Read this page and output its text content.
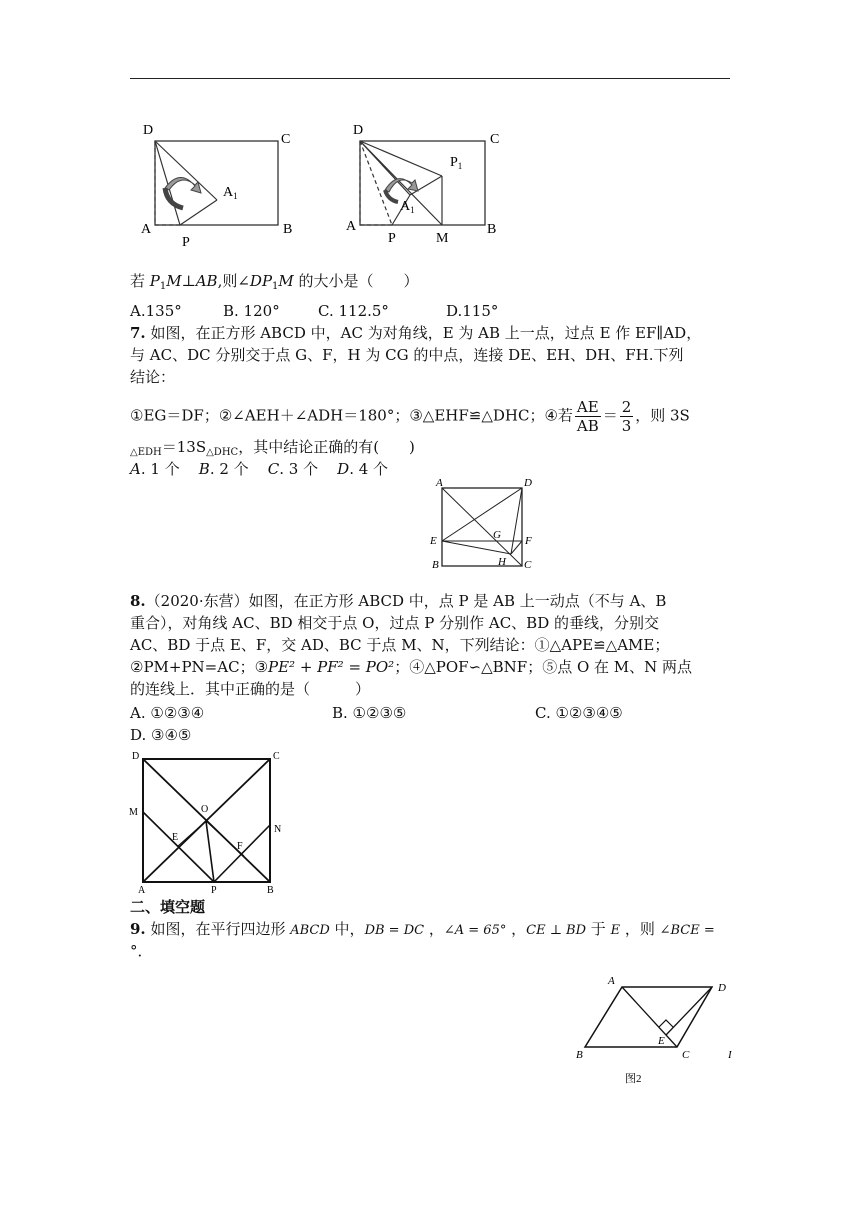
D
C
A	B
P
$A_1$
D
C
A	B
P	M
$P_1$
$A_1$
若 $P_1M\perp AB$,则$\angle DP_1M$ 的大小是（　　）
A.135°	B. 120°	C. 112.5°	D.115°
7. 如图，在正方形 ABCD 中，AC 为对角线，E 为 AB 上一点，过点 E 作 EF∥AD，
与 AC、DC 分别交于点 G、F，H 为 CG 的中点，连接 DE、EH、DH、FH.下列
结论：
①EG＝DF；②∠AEH＋∠ADH＝180°；③△EHF≌△DHC；④若 $\frac{AE}{AB} = \frac{2}{3}$ ，则 3S
$_{\triangle EDH}=13S_{\triangle DHC}$，其中结论正确的有(　　)
A. 1 个 B. 2 个 C. 3 个 D. 4 个
A	D
E	G F
B	H C
8.（2020·东营）如图，在正方形 ABCD 中，点 P 是 AB 上一动点（不与 A、B
重合），对角线 AC、BD 相交于点 O，过点 P 分别作 AC、BD 的垂线，分别交
AC、BD 于点 E、F，交 AD、BC 于点 M、N，下列结论：①△APE≌△AME；
②PM+PN=AC；③PE² + PF² = PO²；④△POF∽△BNF；⑤点 O 在 M、N 两点
的连线上．其中正确的是（　　　）
A. ①②③④	B. ①②③⑤	C. ①②③④⑤
D. ③④⑤
D	C
M	O
N
E
F
A	P	B
二、填空题
9. 如图，在平行四边形 ABCD 中，DB = DC ，∠A = 65° ，CE ⊥ BD 于 E ，则 ∠BCE =
°．
A
D
E
B	C	I
图2
